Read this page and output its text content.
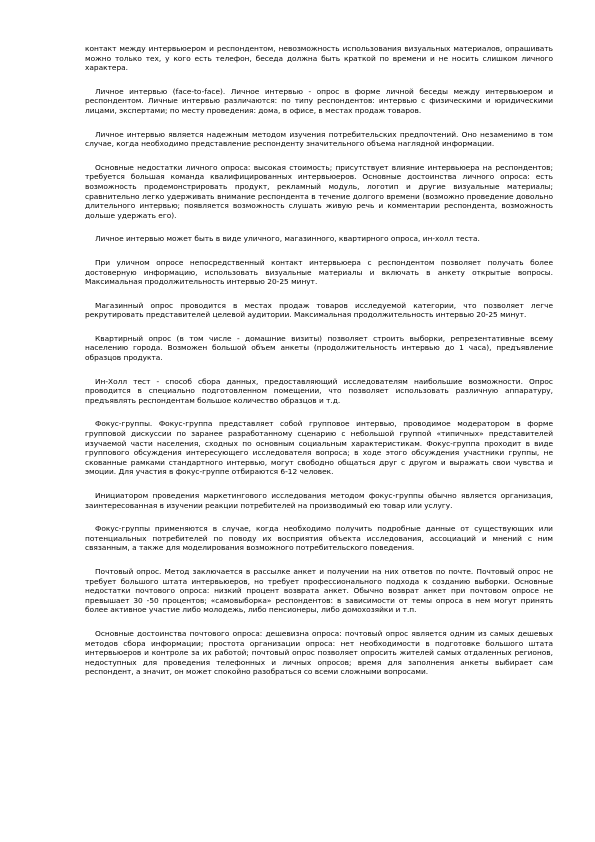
контакт между интервьюером и респондентом, невозможность использования визуальных материалов, опрашивать можно только тех, у кого есть телефон, беседа должна быть краткой по времени и не носить слишком личного характера.

Личное интервью (face-to-face). Личное интервью - опрос в форме личной беседы между интервьюером и респондентом. Личные интервью различаются: по типу респондентов: интервью с физическими и юридическими лицами, экспертами; по месту проведения: дома, в офисе, в местах продаж товаров.

Личное интервью является надежным методом изучения потребительских предпочтений. Оно незаменимо в том случае, когда необходимо представление респонденту значительного объема наглядной информации.

Основные недостатки личного опроса: высокая стоимость; присутствует влияние интервьюера на респондентов; требуется большая команда квалифицированных интервьюеров. Основные достоинства личного опроса: есть возможность продемонстрировать продукт, рекламный модуль, логотип и другие визуальные материалы; сравнительно легко удерживать внимание респондента в течение долгого времени (возможно проведение довольно длительного интервью; появляется возможность слушать живую речь и комментарии респондента, возможность дольше удержать его).

Личное интервью может быть в виде уличного, магазинного, квартирного опроса, ин-холл теста.

При уличном опросе непосредственный контакт интервьюера с респондентом позволяет получать более достоверную информацию, использовать визуальные материалы и включать в анкету открытые вопросы. Максимальная продолжительность интервью 20-25 минут.

Магазинный опрос проводится в местах продаж товаров исследуемой категории, что позволяет легче рекрутировать представителей целевой аудитории. Максимальная продолжительность интервью 20-25 минут.

Квартирный опрос (в том числе - домашние визиты) позволяет строить выборки, репрезентативные всему населению города. Возможен большой объем анкеты (продолжительность интервью до 1 часа), предъявление образцов продукта.

Ин-Холл тест - способ сбора данных, предоставляющий исследователям наибольшие возможности. Опрос проводится в специально подготовленном помещении, что позволяет использовать различную аппаратуру, предъявлять респондентам большое количество образцов и т.д.

Фокус-группы. Фокус-группа представляет собой групповое интервью, проводимое модератором в форме групповой дискуссии по заранее разработанному сценарию с небольшой группой «типичных» представителей изучаемой части населения, сходных по основным социальным характеристикам. Фокус-группа проходит в виде группового обсуждения интересующего исследователя вопроса; в ходе этого обсуждения участники группы, не скованные рамками стандартного интервью, могут свободно общаться друг с другом и выражать свои чувства и эмоции. Для участия в фокус-группе отбираются 6-12 человек.

Инициатором проведения маркетингового исследования методом фокус-группы обычно является организация, заинтересованная в изучении реакции потребителей на производимый ею товар или услугу.

Фокус-группы применяются в случае, когда необходимо получить подробные данные от существующих или потенциальных потребителей по поводу их восприятия объекта исследования, ассоциаций и мнений с ним связанным, а также для моделирования возможного потребительского поведения.

Почтовый опрос. Метод заключается в рассылке анкет и получении на них ответов по почте. Почтовый опрос не требует большого штата интервьюеров, но требует профессионального подхода к созданию выборки. Основные недостатки почтового опроса: низкий процент возврата анкет. Обычно возврат анкет при почтовом опросе не превышает 30 -50 процентов; «самовыборка» респондентов: в зависимости от темы опроса в нем могут принять более активное участие либо молодежь, либо пенсионеры, либо домохозяйки и т.п.

Основные достоинства почтового опроса: дешевизна опроса: почтовый опрос является одним из самых дешевых методов сбора информации; простота организации опроса: нет необходимости в подготовке большого штата интервьюеров и контроле за их работой; почтовый опрос позволяет опросить жителей самых отдаленных регионов, недоступных для проведения телефонных и личных опросов; время для заполнения анкеты выбирает сам респондент, а значит, он может спокойно разобраться со всеми сложными вопросами.
